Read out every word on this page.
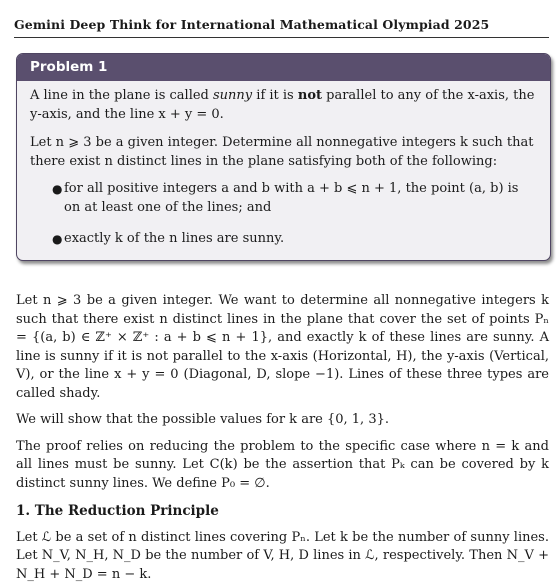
Gemini Deep Think for International Mathematical Olympiad 2025
Problem 1

A line in the plane is called sunny if it is not parallel to any of the x-axis, the y-axis, and the line x + y = 0.

Let n ⩾ 3 be a given integer. Determine all nonnegative integers k such that there exist n distinct lines in the plane satisfying both of the following:

● for all positive integers a and b with a + b ⩽ n + 1, the point (a, b) is on at least one of the lines; and
● exactly k of the n lines are sunny.

Let n ⩾ 3 be a given integer. We want to determine all nonnegative integers k such that there exist n distinct lines in the plane that cover the set of points Pₙ = {(a, b) ∈ ℤ⁺ × ℤ⁺ : a + b ⩽ n + 1}, and exactly k of these lines are sunny. A line is sunny if it is not parallel to the x-axis (Horizontal, H), the y-axis (Vertical, V), or the line x + y = 0 (Diagonal, D, slope −1). Lines of these three types are called shady.

We will show that the possible values for k are {0, 1, 3}.

The proof relies on reducing the problem to the specific case where n = k and all lines must be sunny. Let C(k) be the assertion that Pₖ can be covered by k distinct sunny lines. We define P₀ = ∅.

1. The Reduction Principle

Let ℒ be a set of n distinct lines covering Pₙ. Let k be the number of sunny lines. Let N_V, N_H, N_D be the number of V, H, D lines in ℒ, respectively. Then N_V + N_H + N_D = n − k.
